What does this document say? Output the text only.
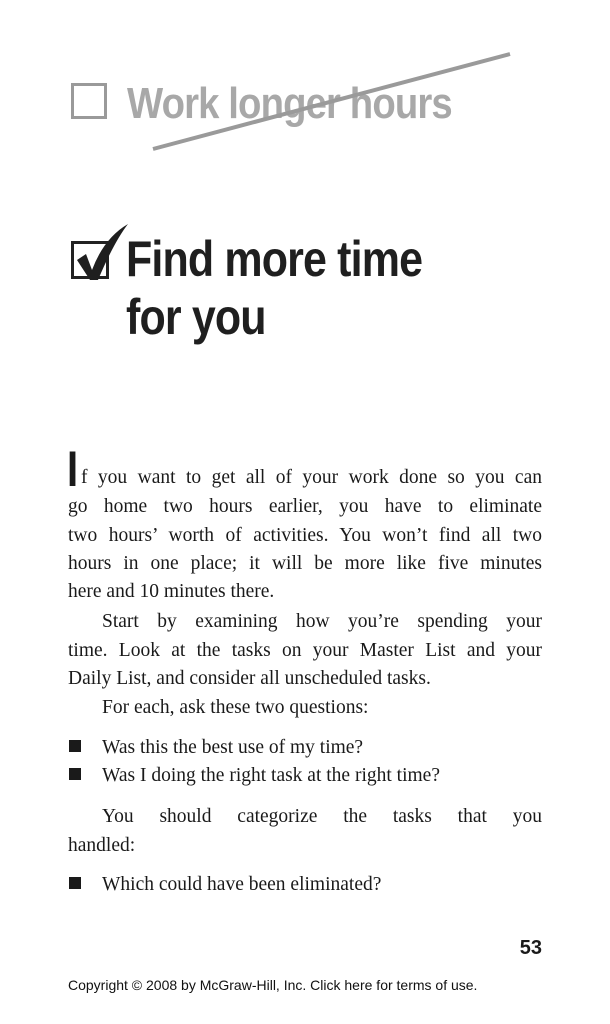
Work longer hours
Find more time
for you
I f you want to get all of your work done so you can
go home two hours earlier, you have to eliminate
two hours’ worth of activities. You won’t find all two
hours in one place; it will be more like five minutes
here and 10 minutes there.
Start by examining how you’re spending your
time. Look at the tasks on your Master List and your
Daily List, and consider all unscheduled tasks.
For each, ask these two questions:
Was this the best use of my time?
Was I doing the right task at the right time?
You should categorize the tasks that you
handled:
Which could have been eliminated?
53
Copyright © 2008 by McGraw-Hill, Inc. Click here for terms of use.
